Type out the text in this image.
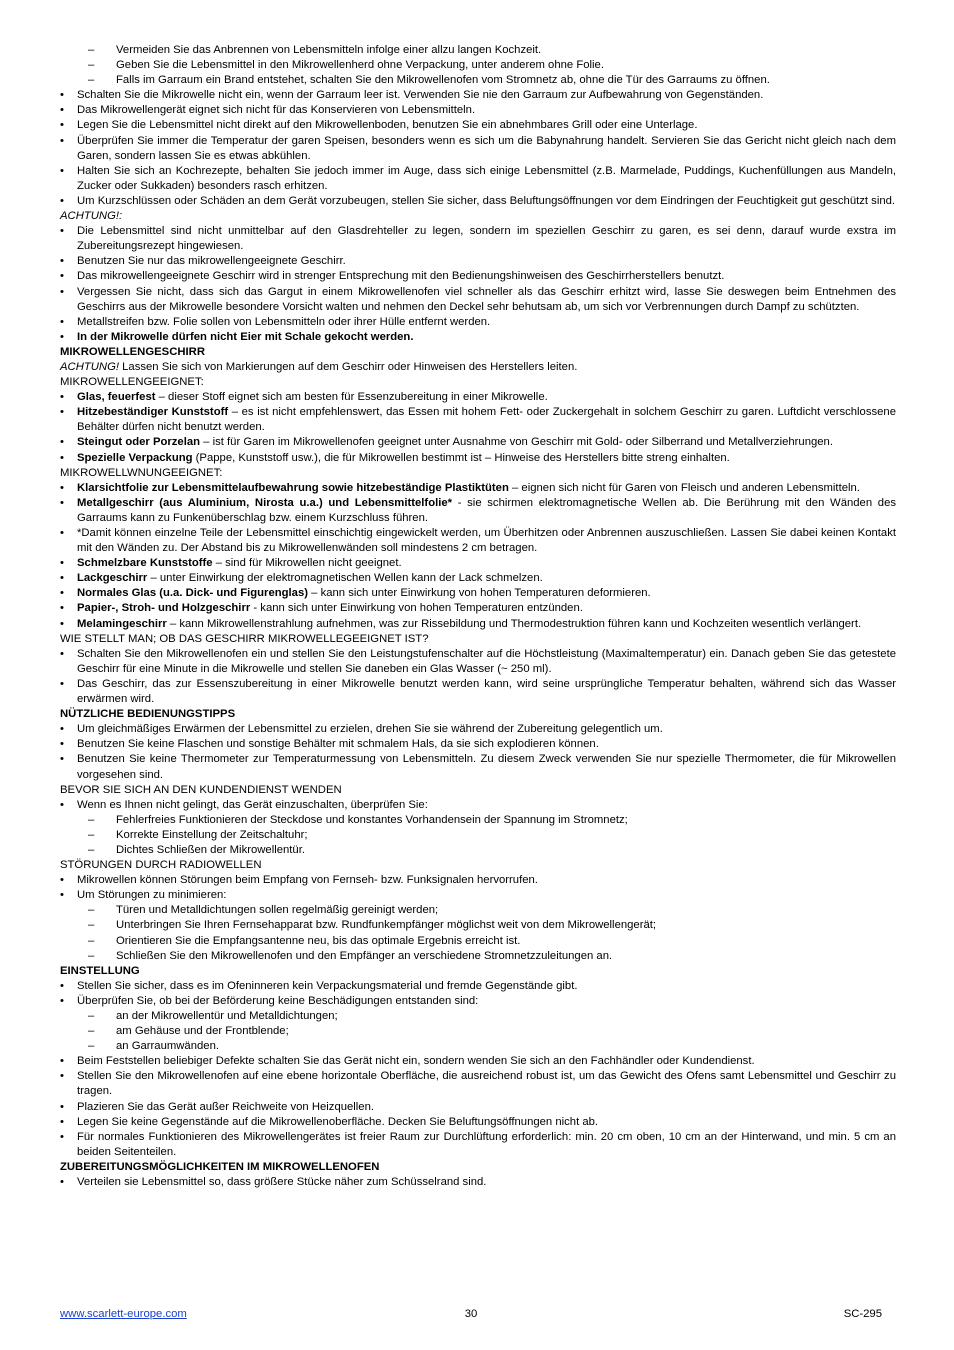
–	Vermeiden Sie das Anbrennen von Lebensmitteln infolge einer allzu langen Kochzeit.
–	Geben Sie die Lebensmittel in den Mikrowellenherd ohne Verpackung, unter anderem ohne Folie.
–	Falls im Garraum ein Brand entstehet, schalten Sie den Mikrowellenofen vom Stromnetz ab, ohne die Tür des Garraums zu öffnen.
•	Schalten Sie die Mikrowelle nicht ein, wenn der Garraum leer ist. Verwenden Sie nie den Garraum zur Aufbewahrung von Gegenständen.
•	Das Mikrowellengerät eignet sich nicht für das Konservieren von Lebensmitteln.
•	Legen Sie die Lebensmittel nicht direkt auf den Mikrowellenboden, benutzen Sie ein abnehmbares Grill oder eine Unterlage.
•	Überprüfen Sie immer die Temperatur der garen Speisen, besonders wenn es sich um die Babynahrung handelt. Servieren Sie das Gericht nicht gleich nach dem Garen, sondern lassen Sie es etwas abkühlen.
•	Halten Sie sich an Kochrezepte, behalten Sie jedoch immer im Auge, dass sich einige Lebensmittel (z.B. Marmelade, Puddings, Kuchenfüllungen aus Mandeln, Zucker oder Sukkaden) besonders rasch erhitzen.
•	Um Kurzschlüssen oder Schäden an dem Gerät vorzubeugen, stellen Sie sicher, dass Beluftungsöffnungen vor dem Eindringen der Feuchtigkeit gut geschützt sind.
ACHTUNG!:
•	Die Lebensmittel sind nicht unmittelbar auf den Glasdrehteller zu legen, sondern im speziellen Geschirr zu garen, es sei denn, darauf wurde exstra im Zubereitungsrezept hingewiesen.
•	Benutzen Sie nur das mikrowellengeeignete Geschirr.
•	Das mikrowellengeeignete Geschirr wird in strenger Entsprechung mit den Bedienungshinweisen des Geschirrherstellers benutzt.
•	Vergessen Sie nicht, dass sich das Gargut in einem Mikrowellenofen viel schneller als das Geschirr erhitzt wird, lasse Sie deswegen beim Entnehmen des Geschirrs aus der Mikrowelle besondere Vorsicht walten und nehmen den Deckel sehr behutsam ab, um sich vor Verbrennungen durch Dampf zu schützten.
•	Metallstreifen bzw. Folie sollen von Lebensmitteln oder ihrer Hülle entfernt werden.
•	In der Mikrowelle dürfen nicht Eier mit Schale gekocht werden.
MIKROWELLENGESCHIRR
ACHTUNG! Lassen Sie sich von Markierungen auf dem Geschirr oder Hinweisen des Herstellers leiten.
MIKROWELLENGEEIGNET:
•	Glas, feuerfest – dieser Stoff eignet sich am besten für Essenzubereitung in einer Mikrowelle.
•	Hitzebeständiger Kunststoff – es ist nicht empfehlenswert, das Essen mit hohem Fett- oder Zuckergehalt in solchem Geschirr zu garen. Luftdicht verschlossene Behälter dürfen nicht benutzt werden.
•	Steingut oder Porzelan – ist für Garen im Mikrowellenofen geeignet unter Ausnahme von Geschirr mit Gold- oder Silberrand und Metallverziehrungen.
•	Spezielle Verpackung (Pappe, Kunststoff usw.), die für Mikrowellen bestimmt ist – Hinweise des Herstellers bitte streng einhalten.
MIKROWELLWNUNGEEIGNET:
•	Klarsichtfolie zur Lebensmittelaufbewahrung sowie hitzebeständige Plastiktüten – eignen sich nicht für Garen von Fleisch und anderen Lebensmitteln.
•	Metallgeschirr (aus Aluminium, Nirosta u.a.) und Lebensmittelfolie* - sie schirmen elektromagnetische Wellen ab. Die Berührung mit den Wänden des Garraums kann zu Funkenüberschlag bzw. einem Kurzschluss führen.
•	*Damit können einzelne Teile der Lebensmittel einschichtig eingewickelt werden, um Überhitzen oder Anbrennen auszuschließen. Lassen Sie dabei keinen Kontakt mit den Wänden zu. Der Abstand bis zu Mikrowellenwänden soll mindestens 2 cm betragen.
•	Schmelzbare Kunststoffe – sind für Mikrowellen nicht geeignet.
•	Lackgeschirr – unter Einwirkung der elektromagnetischen Wellen kann der Lack schmelzen.
•	Normales Glas (u.a. Dick- und Figurenglas) – kann sich unter Einwirkung von hohen Temperaturen deformieren.
•	Papier-, Stroh- und Holzgeschirr - kann sich unter Einwirkung von hohen Temperaturen entzünden.
•	Melamingeschirr – kann Mikrowellenstrahlung aufnehmen, was zur Rissebildung und Thermodestruktion führen kann und Kochzeiten wesentlich verlängert.
WIE STELLT MAN; OB DAS GESCHIRR MIKROWELLEGEEIGNET IST?
•	Schalten Sie den Mikrowellenofen ein und stellen Sie den Leistungstufenschalter auf die Höchstleistung (Maximaltemperatur) ein. Danach geben Sie das getestete Geschirr für eine Minute in die Mikrowelle und stellen Sie daneben ein Glas Wasser (~ 250 ml).
•	Das Geschirr, das zur Essenszubereitung in einer Mikrowelle benutzt werden kann, wird seine ursprüngliche Temperatur behalten, während sich das Wasser erwärmen wird.
NÜTZLICHE BEDIENUNGSTIPPS
•	Um gleichmäßiges Erwärmen der Lebensmittel zu erzielen, drehen Sie sie während der Zubereitung gelegentlich um.
•	Benutzen Sie keine Flaschen und sonstige Behälter mit schmalem Hals, da sie sich explodieren können.
•	Benutzen Sie keine Thermometer zur Temperaturmessung von Lebensmitteln. Zu diesem Zweck verwenden Sie nur spezielle Thermometer, die für Mikrowellen vorgesehen sind.
BEVOR SIE SICH AN DEN KUNDENDIENST WENDEN
•	Wenn es Ihnen nicht gelingt, das Gerät einzuschalten, überprüfen Sie:
–	Fehlerfreies Funktionieren der Steckdose und konstantes Vorhandensein der Spannung im Stromnetz;
–	Korrekte Einstellung der Zeitschaltuhr;
–	Dichtes Schließen der Mikrowellentür.
STÖRUNGEN DURCH RADIOWELLEN
•	Mikrowellen können Störungen beim Empfang von Fernseh- bzw. Funksignalen hervorrufen.
•	Um Störungen zu minimieren:
–	Türen und Metalldichtungen sollen regelmäßig gereinigt werden;
–	Unterbringen Sie Ihren Fernsehapparat bzw. Rundfunkempfänger möglichst weit von dem Mikrowellengerät;
–	Orientieren Sie die Empfangsantenne neu, bis das optimale Ergebnis erreicht ist.
–	Schließen Sie den Mikrowellenofen und den Empfänger an verschiedene Stromnetzzuleitungen an.
EINSTELLUNG
•	Stellen Sie sicher, dass es im Ofeninneren kein Verpackungsmaterial und fremde Gegenstände gibt.
•	Überprüfen Sie, ob bei der Beförderung keine Beschädigungen entstanden sind:
–	an der Mikrowellentür und Metalldichtungen;
–	am Gehäuse und der Frontblende;
–	an Garraumwänden.
•	Beim Feststellen beliebiger Defekte schalten Sie das Gerät nicht ein, sondern wenden Sie sich an den Fachhändler oder Kundendienst.
•	Stellen Sie den Mikrowellenofen auf eine ebene horizontale Oberfläche, die ausreichend robust ist, um das Gewicht des Ofens samt Lebensmittel und Geschirr zu tragen.
•	Plazieren Sie das Gerät außer Reichweite von Heizquellen.
•	Legen Sie keine Gegenstände auf die Mikrowellenoberfläche. Decken Sie Beluftungsöffnungen nicht ab.
•	Für normales Funktionieren des Mikrowellengerätes ist freier Raum zur Durchlüftung erforderlich: min. 20 cm oben, 10 cm an der Hinterwand, und min. 5 cm an beiden Seitenteilen.
ZUBEREITUNGSMÖGLICHKEITEN IM MIKROWELLENOFEN
•	Verteilen sie Lebensmittel so, dass größere Stücke näher zum Schüsselrand sind.
www.scarlett-europe.com	30	SC-295
